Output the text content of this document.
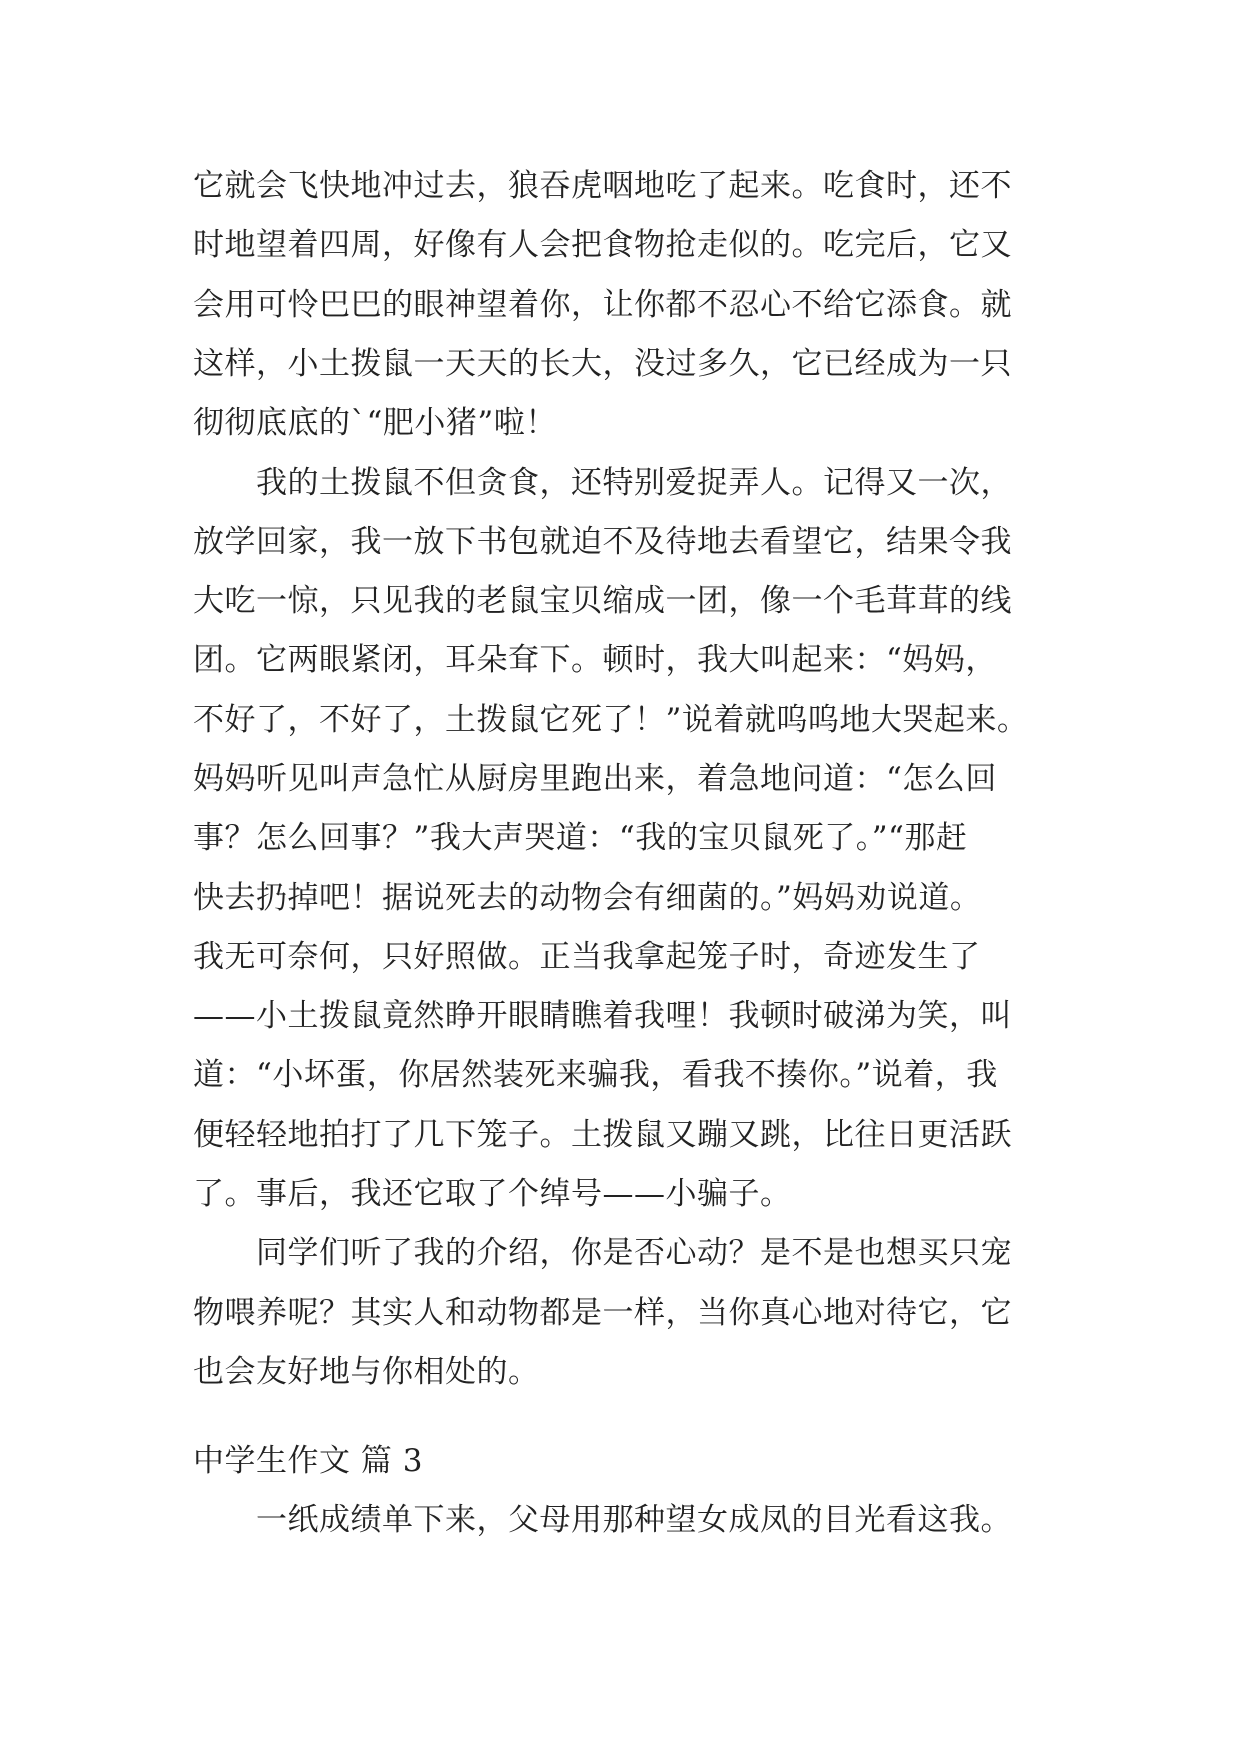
它就会飞快地冲过去，狼吞虎咽地吃了起来。吃食时，还不
时地望着四周，好像有人会把食物抢走似的。吃完后，它又
会用可怜巴巴的眼神望着你，让你都不忍心不给它添食。就
这样，小土拨鼠一天天的长大，没过多久，它已经成为一只
彻彻底底的`“肥小猪”啦！
　　我的土拨鼠不但贪食，还特别爱捉弄人。记得又一次，
放学回家，我一放下书包就迫不及待地去看望它，结果令我
大吃一惊，只见我的老鼠宝贝缩成一团，像一个毛茸茸的线
团。它两眼紧闭，耳朵耷下。顿时，我大叫起来：“妈妈，
不好了，不好了，土拨鼠它死了！”说着就呜呜地大哭起来。
妈妈听见叫声急忙从厨房里跑出来，着急地问道：“怎么回
事？怎么回事？”我大声哭道：“我的宝贝鼠死了。”“那赶
快去扔掉吧！据说死去的动物会有细菌的。”妈妈劝说道。
我无可奈何，只好照做。正当我拿起笼子时，奇迹发生了
——小土拨鼠竟然睁开眼睛瞧着我哩！我顿时破涕为笑，叫
道：“小坏蛋，你居然装死来骗我，看我不揍你。”说着，我
便轻轻地拍打了几下笼子。土拨鼠又蹦又跳，比往日更活跃
了。事后，我还它取了个绰号——小骗子。
　　同学们听了我的介绍，你是否心动？是不是也想买只宠
物喂养呢？其实人和动物都是一样，当你真心地对待它，它
也会友好地与你相处的。
中学生作文 篇 3
　　一纸成绩单下来，父母用那种望女成凤的目光看这我。
